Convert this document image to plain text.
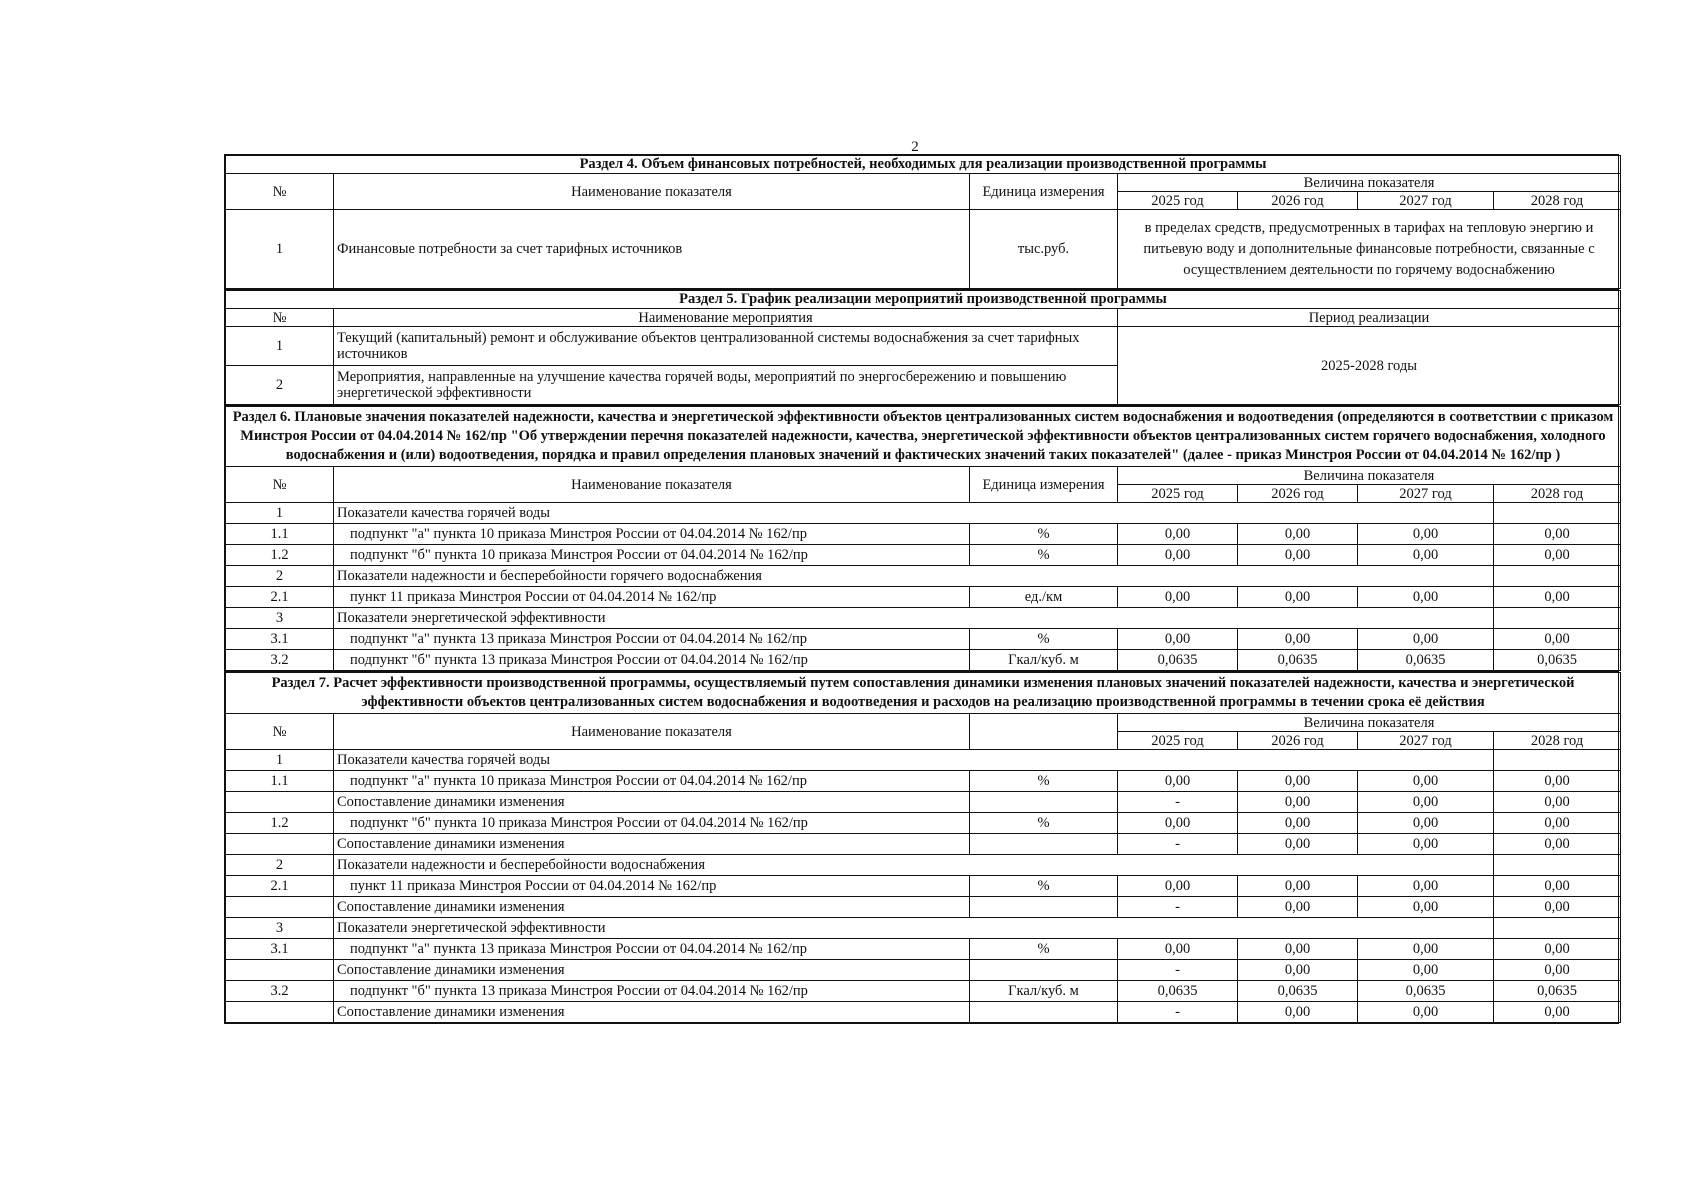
2
Раздел 4. Объем финансовых потребностей, необходимых для реализации производственной программы						
№	Наименование показателя	Единица измерения	Величина показателя			
			2025 год	2026 год	2027 год	2028 год
1	Финансовые потребности за счет тарифных источников	тыс.руб.	в пределах средств, предусмотренных в тарифах на тепловую энергию и питьевую воду и дополнительные финансовые потребности, связанные с осуществлением деятельности по горячему водоснабжению			
Раздел 5. График реализации мероприятий производственной программы		
№	Наименование мероприятия	Период реализации
1	Текущий (капитальный) ремонт и обслуживание объектов централизованной системы водоснабжения за счет тарифных источников	2025-2028 годы
2	Мероприятия, направленные на улучшение качества горячей воды, мероприятий по энергосбережению и повышению энергетической эффективности	
Раздел 6. Плановые значения показателей надежности, качества и энергетической эффективности объектов централизованных систем водоснабжения и водоотведения (определяются в соответствии с приказом Минстроя России от 04.04.2014 № 162/пр "Об утверждении перечня показателей надежности, качества, энергетической эффективности объектов централизованных систем горячего водоснабжения, холодного водоснабжения и (или) водоотведения, порядка и правил определения плановых значений и фактических значений таких показателей" (далее - приказ Минстроя России от 04.04.2014 № 162/пр )						
№	Наименование показателя	Единица измерения	Величина показателя			
			2025 год	2026 год	2027 год	2028 год
1	Показатели качества горячей воды					
1.1	подпункт "а" пункта 10 приказа Минстроя России от 04.04.2014 № 162/пр	%	0,00	0,00	0,00	0,00
1.2	подпункт "б" пункта 10 приказа Минстроя России от 04.04.2014 № 162/пр	%	0,00	0,00	0,00	0,00
2	Показатели надежности и бесперебойности горячего водоснабжения					
2.1	пункт 11 приказа Минстроя России от 04.04.2014 № 162/пр	ед./км	0,00	0,00	0,00	0,00
3	Показатели энергетической эффективности					
3.1	подпункт "а" пункта 13 приказа Минстроя России от 04.04.2014 № 162/пр	%	0,00	0,00	0,00	0,00
3.2	подпункт "б" пункта 13 приказа Минстроя России от 04.04.2014 № 162/пр	Гкал/куб. м	0,0635	0,0635	0,0635	0,0635
Раздел 7. Расчет эффективности производственной программы, осуществляемый путем сопоставления динамики изменения плановых значений показателей надежности, качества и энергетической эффективности объектов централизованных систем водоснабжения и водоотведения и расходов на реализацию производственной программы в течении срока её действия						
№	Наименование показателя		Величина показателя			
			2025 год	2026 год	2027 год	2028 год
1	Показатели качества горячей воды					
1.1	подпункт "а" пункта 10 приказа Минстроя России от 04.04.2014 № 162/пр	%	0,00	0,00	0,00	0,00
	Сопоставление динамики изменения		-	0,00	0,00	0,00
1.2	подпункт "б" пункта 10 приказа Минстроя России от 04.04.2014 № 162/пр	%	0,00	0,00	0,00	0,00
	Сопоставление динамики изменения		-	0,00	0,00	0,00
2	Показатели надежности и бесперебойности водоснабжения					
2.1	пункт 11 приказа Минстроя России от 04.04.2014 № 162/пр	%	0,00	0,00	0,00	0,00
	Сопоставление динамики изменения		-	0,00	0,00	0,00
3	Показатели энергетической эффективности					
3.1	подпункт "а" пункта 13 приказа Минстроя России от 04.04.2014 № 162/пр	%	0,00	0,00	0,00	0,00
	Сопоставление динамики изменения		-	0,00	0,00	0,00
3.2	подпункт "б" пункта 13 приказа Минстроя России от 04.04.2014 № 162/пр	Гкал/куб. м	0,0635	0,0635	0,0635	0,0635
	Сопоставление динамики изменения		-	0,00	0,00	0,00
